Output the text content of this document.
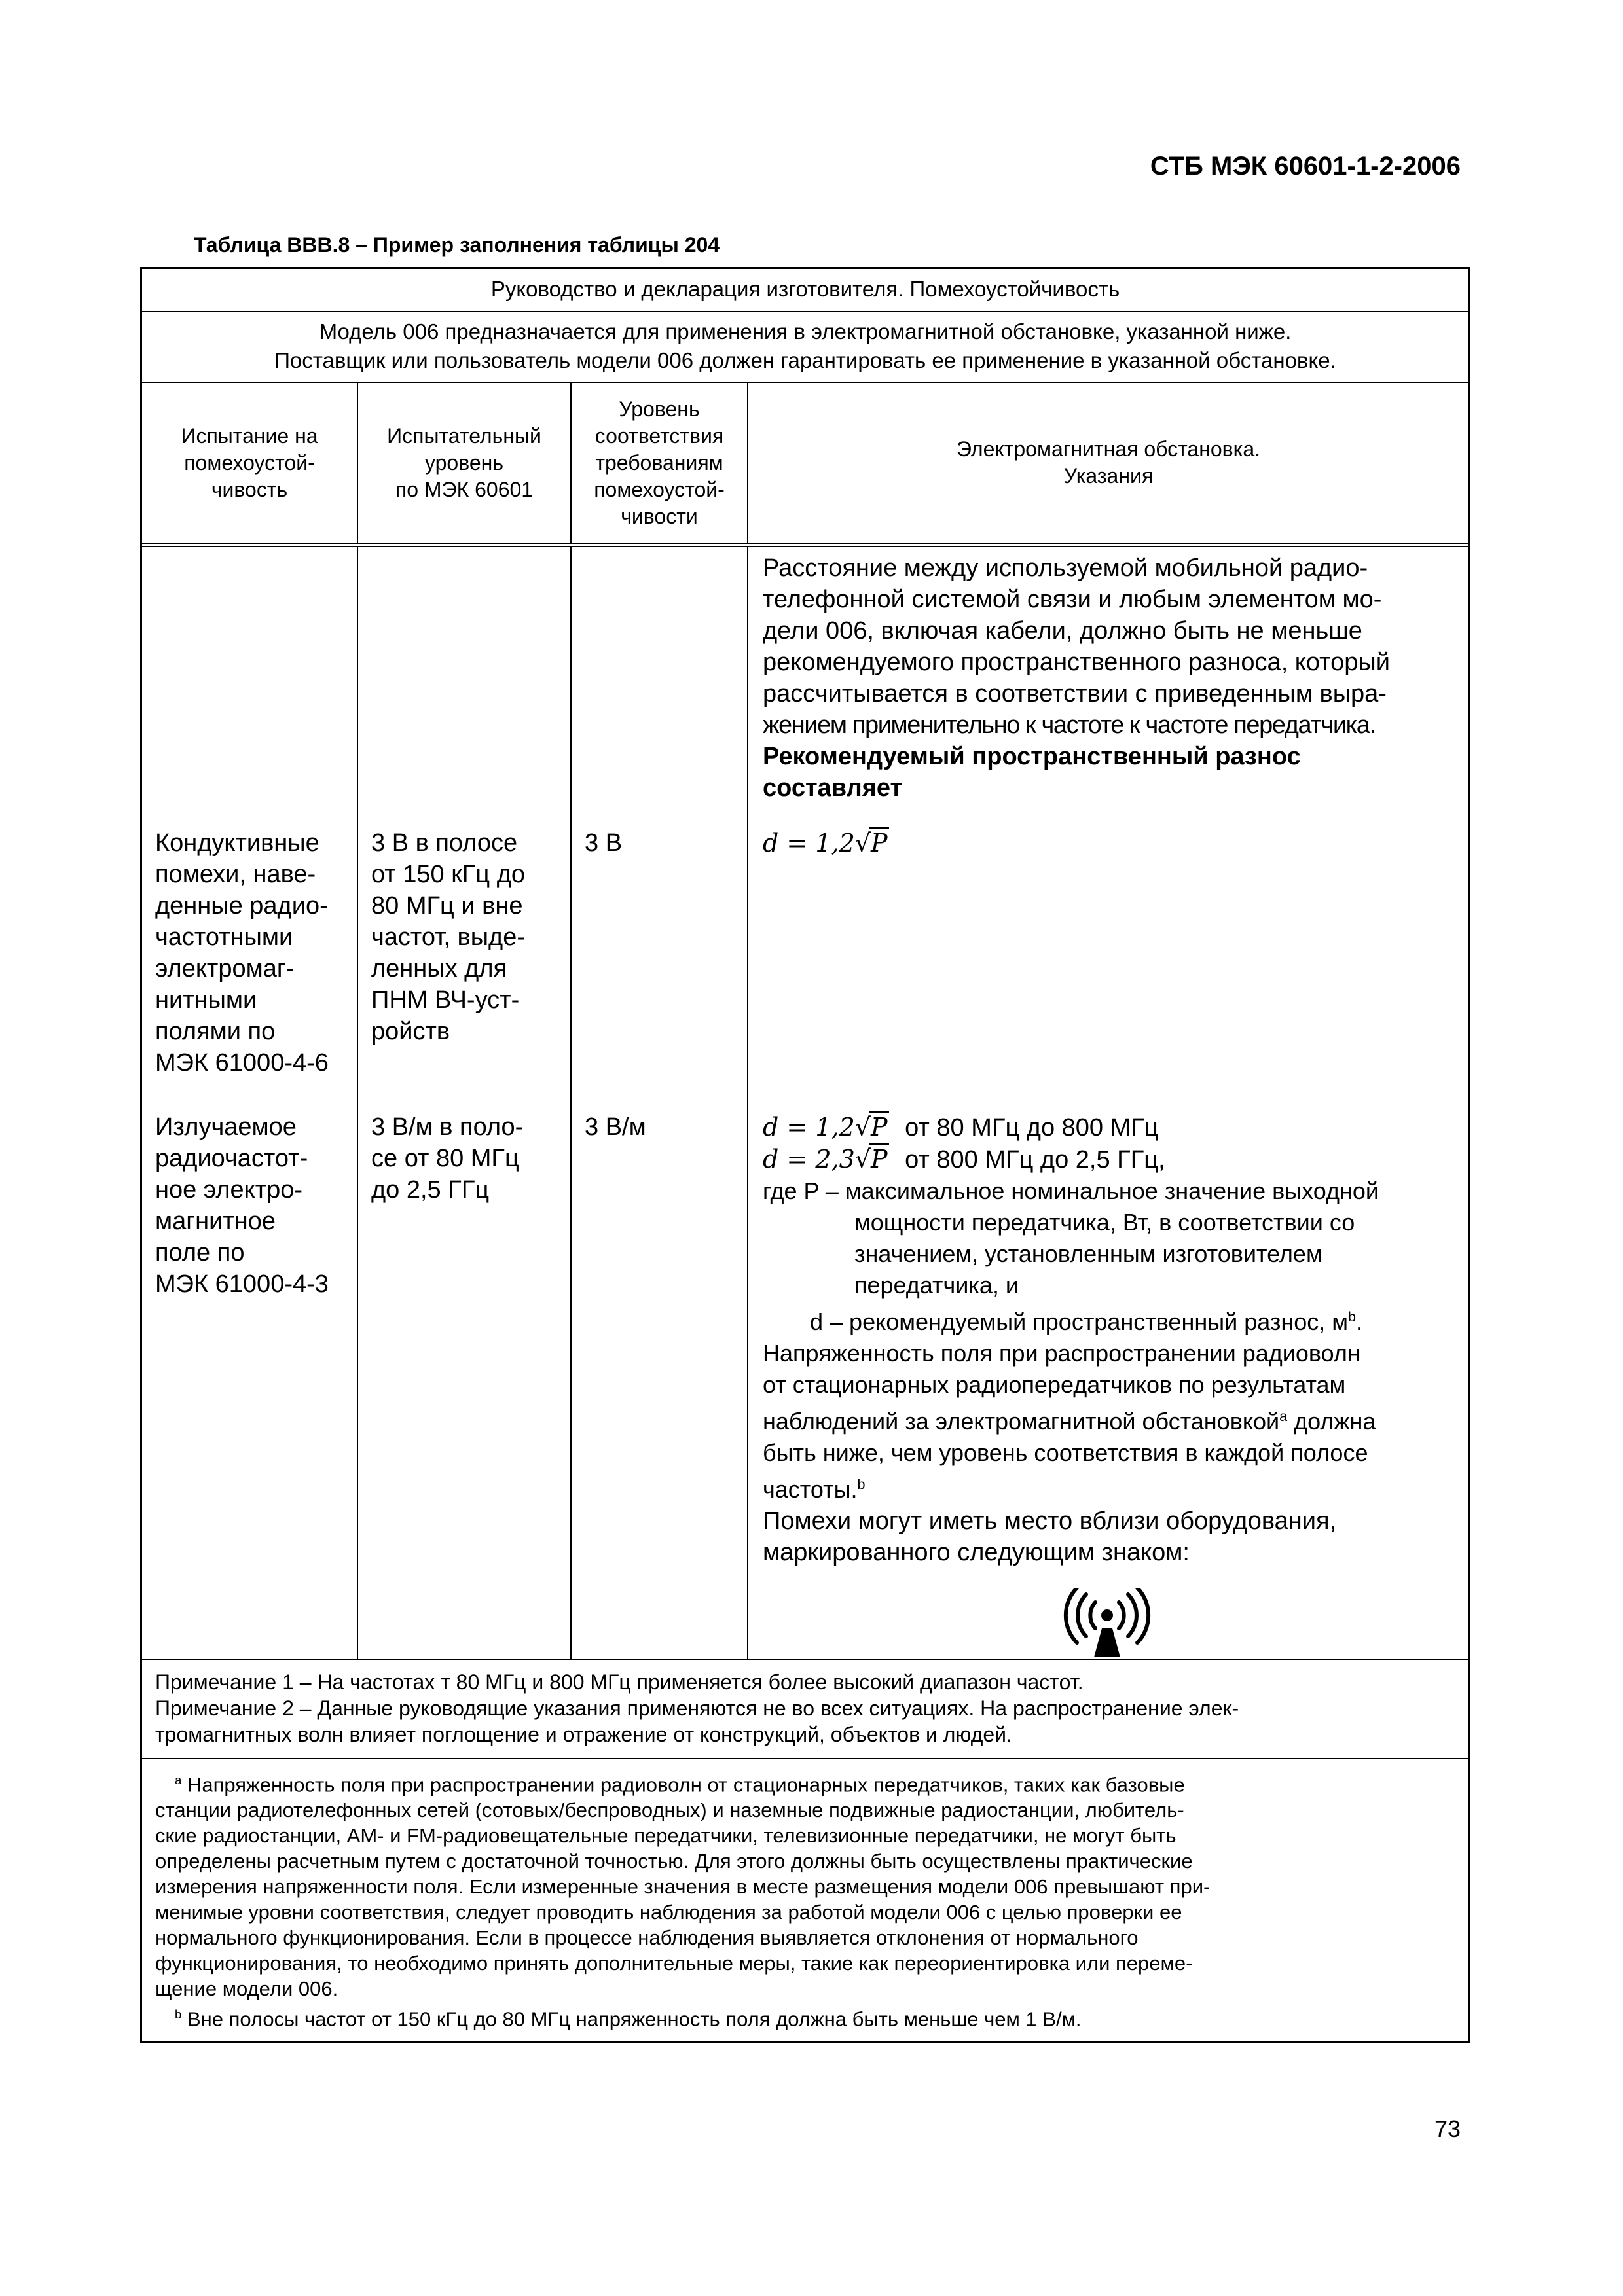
СТБ МЭК 60601-1-2-2006
Таблица ВВВ.8 – Пример заполнения таблицы 204
Руководство и декларация изготовителя. Помехоустойчивость
Модель 006 предназначается для применения в электромагнитной обстановке, указанной ниже.
Поставщик или пользователь модели 006 должен гарантировать ее применение в указанной обстановке.
Испытание на
помехоустой-
чивость
Испытательный
уровень
по МЭК 60601
Уровень
соответствия
требованиям
помехоустой-
чивости
Электромагнитная обстановка.
Указания
Кондуктивные
помехи, наве-
денные радио-
частотными
электромаг-
нитными
полями по
МЭК 61000-4-6
Излучаемое
радиочастот-
ное электро-
магнитное
поле по
МЭК 61000-4-3
3 В в полосе
от 150 кГц до
80 МГц и вне
частот, выде-
ленных для
ПНМ ВЧ-уст-
ройств
3 В/м в поло-
се от 80 МГц
до 2,5 ГГц
3 В
3 В/м
Расстояние между используемой мобильной радио-
телефонной системой связи и любым элементом мо-
дели 006, включая кабели, должно быть не меньше
рекомендуемого пространственного разноса, который
рассчитывается в соответствии с приведенным выра-
жением применительно к частоте к частоте передатчика.
Рекомендуемый пространственный разнос
составляет
d = 1,2√P
d = 1,2√P от 80 МГц до 800 МГц
d = 2,3√P от 800 МГц до 2,5 ГГц,
где P – максимальное номинальное значение выходной
мощности передатчика, Вт, в соответствии со
значением, установленным изготовителем
передатчика, и
d – рекомендуемый пространственный разнос, $м^b$.
Напряженность поля при распространении радиоволн
от стационарных радиопередатчиков по результатам
наблюдений за электромагнитной обстановкой$^a$ должна
быть ниже, чем уровень соответствия в каждой полосе
частоты.$^b$
Помехи могут иметь место вблизи оборудования,
маркированного следующим знаком:
Примечание 1 – На частотах т 80 МГц и 800 МГц применяется более высокий диапазон частот.
Примечание 2 – Данные руководящие указания применяются не во всех ситуациях. На распространение элек-
тромагнитных волн влияет поглощение и отражение от конструкций, объектов и людей.
$^a$ Напряженность поля при распространении радиоволн от стационарных передатчиков, таких как базовые
станции радиотелефонных сетей (сотовых/беспроводных) и наземные подвижные радиостанции, любитель-
ские радиостанции, AM- и FM-радиовещательные передатчики, телевизионные передатчики, не могут быть
определены расчетным путем с достаточной точностью. Для этого должны быть осуществлены практические
измерения напряженности поля. Если измеренные значения в месте размещения модели 006 превышают при-
менимые уровни соответствия, следует проводить наблюдения за работой модели 006 с целью проверки ее
нормального функционирования. Если в процессе наблюдения выявляется отклонения от нормального
функционирования, то необходимо принять дополнительные меры, такие как переориентировка или переме-
щение модели 006.
$^b$ Вне полосы частот от 150 кГц до 80 МГц напряженность поля должна быть меньше чем 1 В/м.
73
